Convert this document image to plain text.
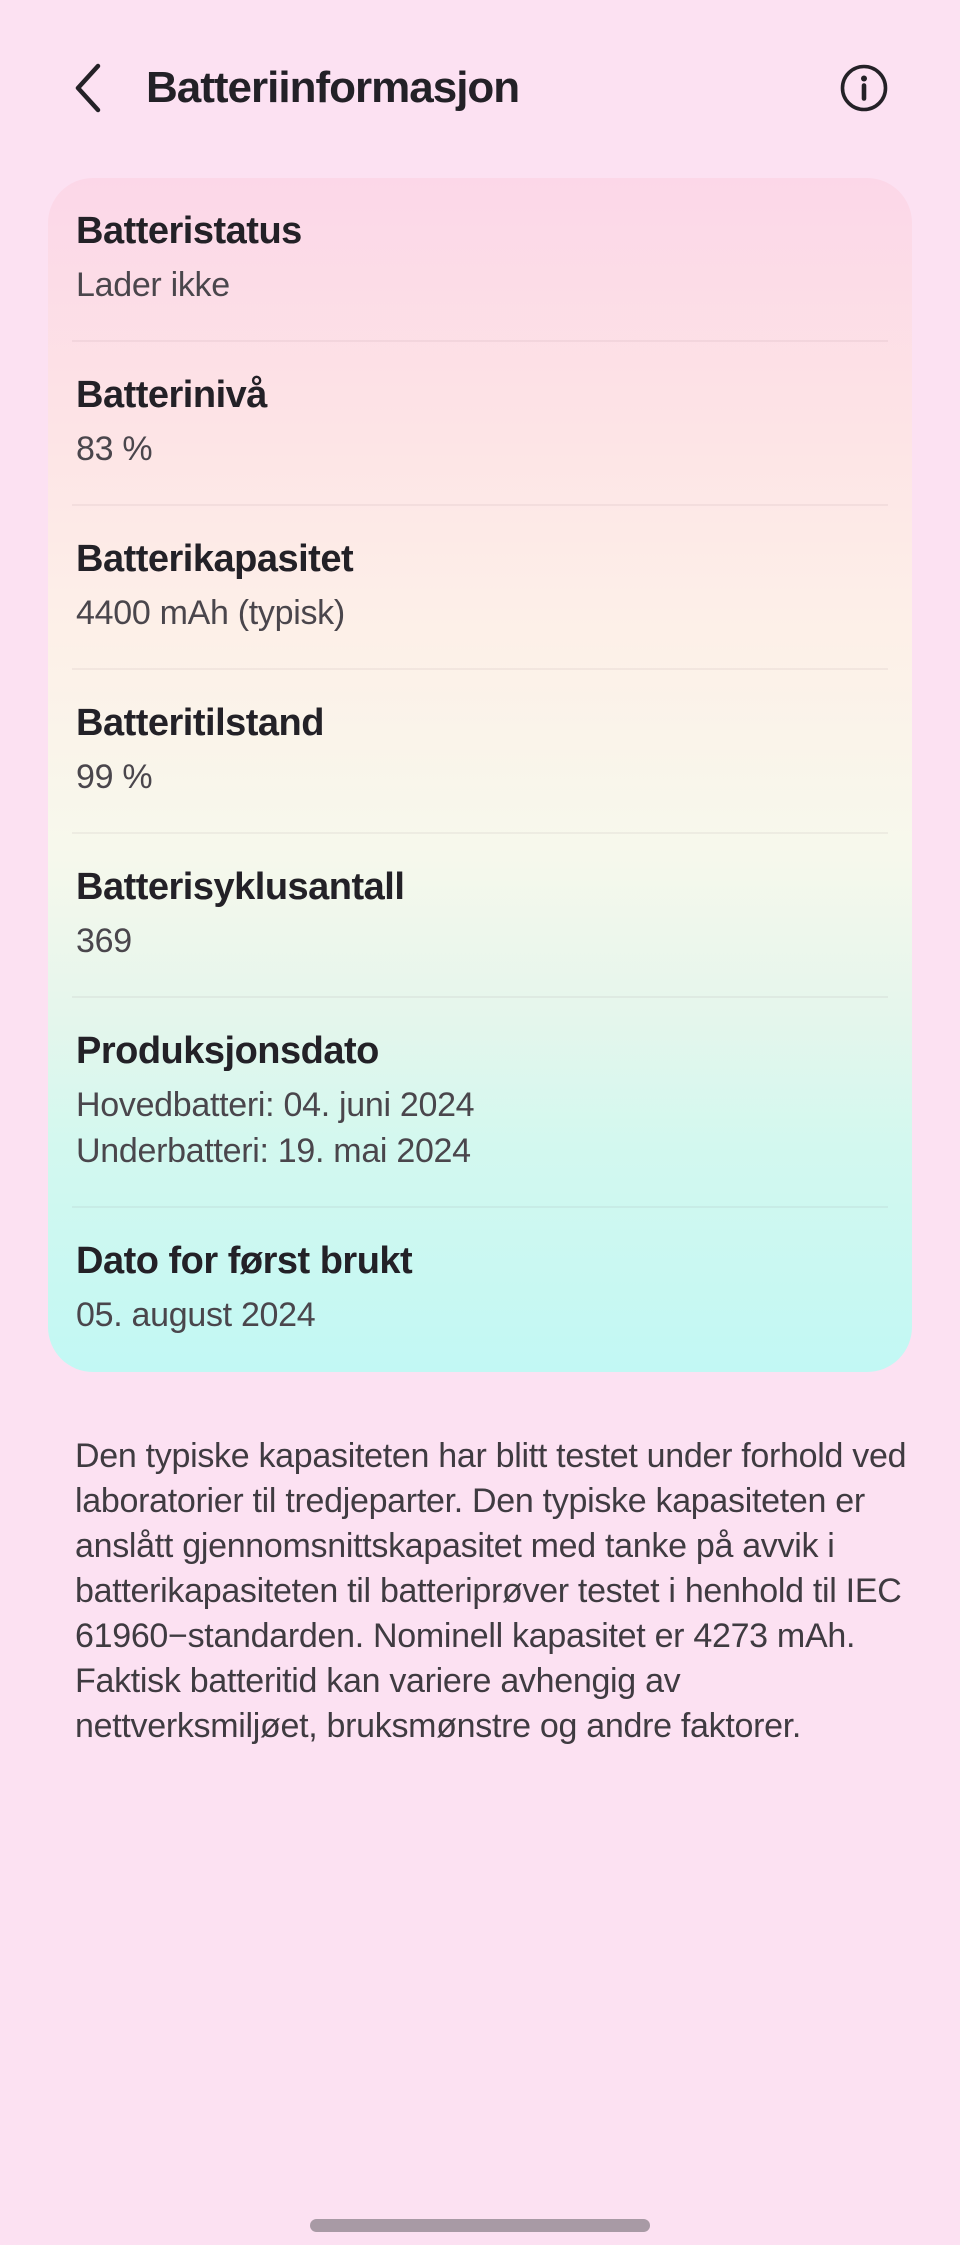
Batteriinformasjon
Batteristatus
Lader ikke
Batterinivå
83 %
Batterikapasitet
4400 mAh (typisk)
Batteritilstand
99 %
Batterisyklusantall
369
Produksjonsdato
Hovedbatteri: 04. juni 2024
Underbatteri: 19. mai 2024
Dato for først brukt
05. august 2024
Den typiske kapasiteten har blitt testet under forhold ved laboratorier til tredjeparter. Den typiske kapasiteten er anslått gjennomsnittskapasitet med tanke på avvik i batterikapasiteten til batteriprøver testet i henhold til IEC 61960−standarden. Nominell kapasitet er 4273 mAh. Faktisk batteritid kan variere avhengig av nettverksmiljøet, bruksmønstre og andre faktorer.
